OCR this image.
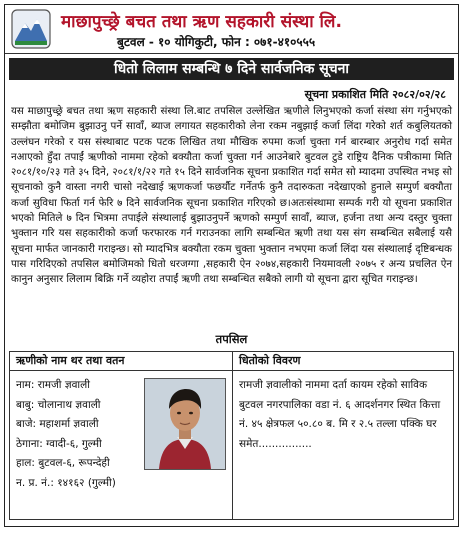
माछापुच्छ्रे बचत तथा ऋण सहकारी संस्था लि.
बुटवल - १० योगिकुटी, फोन : ०७१-४१०५५५
धितो लिलाम सम्बन्धि ७ दिने सार्वजनिक सूचना
सूचना प्रकाशित मिति २०८२/०२/२८
यस माछापुच्छ्रे बचत तथा ऋण सहकारी संस्था लि.बाट तपसिल उल्लेखित ऋणीले लिनुभएको कर्जा संस्था संग गर्नुभएको सम्झौता बमोजिम बुझाउनु पर्ने सावाँ, ब्याज लगायत सहकारीको लेना रकम नबुझाई कर्जा लिंदा गरेको शर्त कबुलियतको उल्लंघन गरेको र यस संस्थाबाट पटक पटक लिखित तथा मौखिक रुपमा कर्जा चुक्ता गर्न बारम्बार अनुरोध गर्दा समेत नआएको हुँदा तपाईं ऋणीको नाममा रहेको बक्यौता कर्जा चुक्ता गर्न आउनेबारे बुटवल टुडे राष्ट्रिय दैनिक पत्रीकामा मिति २०८१/१०/२३ गते ३५ दिने, २०८१/१/२२ गते १५ दिने सार्वजनिक सूचना प्रकाशित गर्दा समेत सो म्यादमा उपस्थित नभइ सो सूचनाको कुनै वास्ता नगरी चासो नदेखाई ऋणकर्जा फछर्यौट गर्नेतर्फ कुनै तदारुकता नदेखाएको हुनाले सम्पुर्ण बक्यौता कर्जा सुविधा फिर्ता गर्न फेरि ७ दिने सार्वजनिक सूचना प्रकाशित गरिएको छ।अतःसंस्थामा सम्पर्क गरी यो सूचना प्रकाशित भएको मितिले ७ दिन भित्रमा तपाईले संस्थालाई बुझाउनुपर्ने ऋणको सम्पुर्ण सावाँ, ब्याज, हर्जना तथा अन्य दस्तुर चुक्ता भुक्तान गरि यस सहकारीको कर्जा फरफारक गर्न गराउनका लागि सम्बन्धित ऋणी तथा यस संग सम्बन्धित सबैलाई यसै सूचना मार्फत जानकारी गराइन्छ। सो म्यादभित्र बक्यौता रकम चुक्ता भुक्तान नभएमा कर्जा लिंदा यस संस्थालाई दृष्टिबन्धक पास गरिदिएको तपसिल बमोजिमको धितो धरजग्गा ,सहकारी ऐन २०७४,सहकारी नियमावली २०७५ र अन्य प्रचलित ऐन कानुन अनुसार लिलाम बिक्रि गर्ने व्यहोरा तपाईं ऋणी तथा सम्बन्धित सबैको लागी यो सूचना द्वारा सूचित गराइन्छ।
तपसिल
ऋणीको नाम थर तथा वतन
नाम: रामजी ज्ञवाली
बाबु: चोलानाथ ज्ञवाली
बाजे: महाशर्मा ज्ञवाली
ठेगाना: ग्वादी-६, गुल्मी
हाल: बुटवल-६, रूपन्देही
न. प्र. नं.: १४१६२ (गुल्मी)
धितोको विवरण
रामजी ज्ञवालीको नाममा दर्ता कायम रहेको साविक बुटवल नगरपालिका वडा नं. ६ आदर्शनगर स्थित कित्ता नं. ४५ क्षेत्रफल ५०.८० ब. मि र २.५ तल्ला पक्कि घर समेत................
